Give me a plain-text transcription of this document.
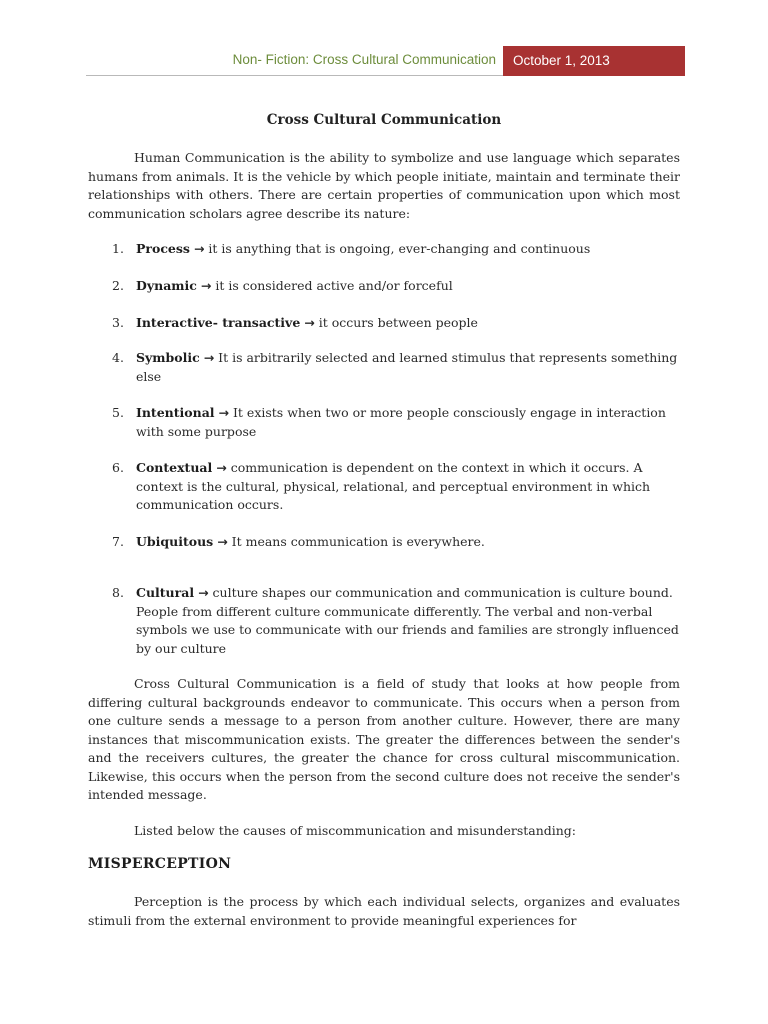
Non- Fiction: Cross Cultural Communication	October 1, 2013
Cross Cultural Communication

Human Communication is the ability to symbolize and use language which separates humans from animals. It is the vehicle by which people initiate, maintain and terminate their relationships with others. There are certain properties of communication upon which most communication scholars agree describe its nature:

1. Process → it is anything that is ongoing, ever-changing and continuous
2. Dynamic → it is considered active and/or forceful
3. Interactive- transactive → it occurs between people
4. Symbolic → It is arbitrarily selected and learned stimulus that represents something else
5. Intentional → It exists when two or more people consciously engage in interaction with some purpose
6. Contextual → communication is dependent on the context in which it occurs. A context is the cultural, physical, relational, and perceptual environment in which communication occurs.
7. Ubiquitous → It means communication is everywhere.
8. Cultural → culture shapes our communication and communication is culture bound. People from different culture communicate differently. The verbal and non-verbal symbols we use to communicate with our friends and families are strongly influenced by our culture

Cross Cultural Communication is a field of study that looks at how people from differing cultural backgrounds endeavor to communicate. This occurs when a person from one culture sends a message to a person from another culture. However, there are many instances that miscommunication exists. The greater the differences between the sender's and the receivers cultures, the greater the chance for cross cultural miscommunication. Likewise, this occurs when the person from the second culture does not receive the sender's intended message.

Listed below the causes of miscommunication and misunderstanding:

MISPERCEPTION

Perception is the process by which each individual selects, organizes and evaluates stimuli from the external environment to provide meaningful experiences for
